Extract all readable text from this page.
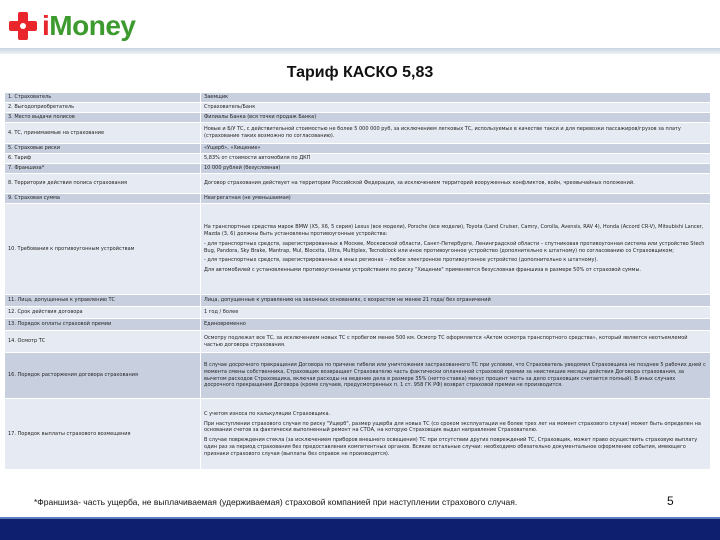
iMoney
Тариф КАСКО 5,83
1. Страхователь	Заемщик

2. Выгодоприобретатель	Страхователь/Банк

3. Место выдачи полисов	Филиалы Банка (вся точки продаж Банка)

4. ТС, принимаемые на страхование	Новые и Б/У ТС, с действительной стоимостью не более 5 000 000 руб, за исключением легковых ТС, используемых в качестве такси и для перевозки пассажиров/грузов за плату (страхование таких возможно по согласованию).

5. Страховые риски	«Ущерб», «Хищение»

6. Тариф	5,83% от стоимости автомобиля по ДКП

7. Франшиза*	10 000 рублей (безусловная)

8. Территория действия полиса страхования	Договор страхования действует на территории Российской Федерации, за исключением территорий вооруженных конфликтов, войн, чрезвычайных положений.

9. Страховая сумма	Неагрегатная (не уменьшаемая)

10. Требования к противоугонным устройствам	На транспортные средства марок BMW (X5, X6, 5 серия) Lexus (все модели), Porsche (все модели), Toyota (Land Cruiser, Camry, Corolla, Avensis, RAV 4), Honda (Accord CR-V), Mitsubishi Lancer, Mazda (3, 6) должны быть установлены противоугонные устройства:
- для транспортных средств, зарегистрированных в Москве, Московской области, Санкт-Петербурге, Ленинградской области – спутниковая противоугонная система или устройство Stech Bug, Pandora, Sky Brake, Mantrap, Mul, Blocxita, Ultra, Multiplex, Tecnoblock или иное противоугонное устройство (дополнительно к штатному) по согласованию со Страховщиком;
- для транспортных средств, зарегистрированных в иных регионах – любое электронное противоугонное устройство (дополнительно к штатному).
Для автомобилей с установленными противоугонными устройствами по риску "Хищение" применяется безусловная франшиза в размере 50% от страховой суммы.

11. Лица, допущенные к управлению ТС	Лица, допущенные к управлению на законных основаниях, с возрастом не менее 21 года/ без ограничений

12. Срок действия договора	1 год / более

13. Порядок оплаты страховой премии	Единовременно

14. Осмотр ТС	Осмотру подлежат все ТС, за исключением новых ТС с пробегом менее 500 км. Осмотр ТС оформляется «Актом осмотра транспортного средства», который является неотъемлемой частью договора страхования.

16. Порядок расторжения договора страхования	В случае досрочного прекращения Договора по причине гибели или уничтожения застрахованного ТС при условии, что Страхователь уведомил Страховщика не позднее 5 рабочих дней с момента смены собственника, Страховщик возвращает Страхователю часть фактически оплаченной страховой премии за неистекшие месяцы действия Договора страхования, за вычетом расходов Страховщика, включая расходы на ведение дела в размере 35% (нетто-ставка) минус процент часть за дело страховщик считается полный). В иных случаях досрочного прекращения Договора (кроме случаев, предусмотренных п. 1 ст. 958 ГК РФ) возврат страховой премии не производится.

17. Порядок выплаты страхового возмещения	С учетом износа по калькуляции Страховщика.
При наступлении страхового случая по риску "Ущерб", размер ущерба для новых ТС (со сроком эксплуатации не более трех лет на момент страхового случая) может быть определен на основании счетов за фактически выполненный ремонт на СТОА, на которую Страховщик выдал направление Страхователю.
В случае повреждения стекла (за исключением приборов внешнего освещения) ТС при отсутствии других повреждений ТС, Страховщик, может право осуществить страховую выплату один раз за период страхования без предоставления компетентных органов. Всякие остальные случаи: необходимо обязательно документальное оформление события, имеющего признаки страхового случая (выплаты без справок не производятся).
*Франшиза- часть ущерба, не выплачиваемая (удерживаемая) страховой компанией при наступлении страхового случая.	5
